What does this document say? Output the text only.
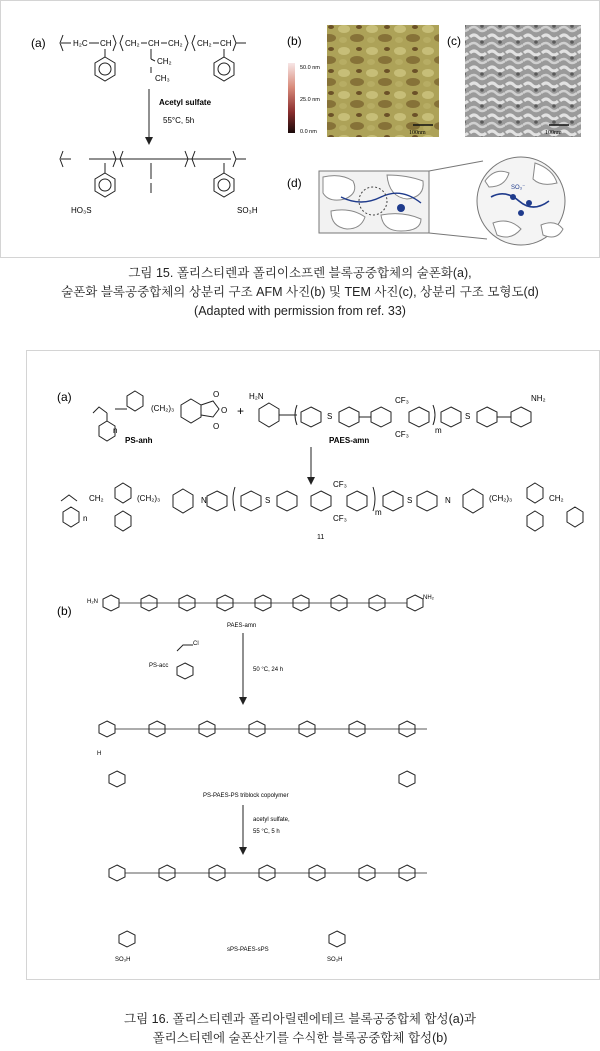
(a)	H₂C CH CH₂ CH CH₂ CH₂ CH
CH₂
CH₃
Acetyl sulfate
55°C, 5h
HO₃S	SO₃H
(b)
50.0 nm
25.0 nm
0.0 nm	100nm
(c)
100nm
(d)	SO₃⁻
그림 15. 폴리스티렌과 폴리이소프렌 블록공중합체의 술폰화(a),
술폰화 블록공중합체의 상분리 구조 AFM 사진(b) 및 TEM 사진(c), 상분리 구조 모형도(d)
(Adapted with permission from ref. 33)
(a)
n
(CH₂)₃
O
O
O
PS-anh
+
H₂N
S
CF₃
CF₃	m
S
NH₂
PAES-amn
n
CH₂	(CH₂)₃	N	S
CF₃
CF₃
11
m
S	N	(CH₂)₃	CH₂
(b)
H₂N
NH₂
PAES-amn
PS-acc
Cl
50 °C, 24 h
H
PS-PAES-PS triblock copolymer
acetyl sulfate,
55 °C, 5 h
SO₃H	SO₃H
sPS-PAES-sPS
그림 16. 폴리스티렌과 폴리아릴렌에테르 블록공중합체 합성(a)과
폴리스티렌에 술폰산기를 수식한 블록공중합체 합성(b)
